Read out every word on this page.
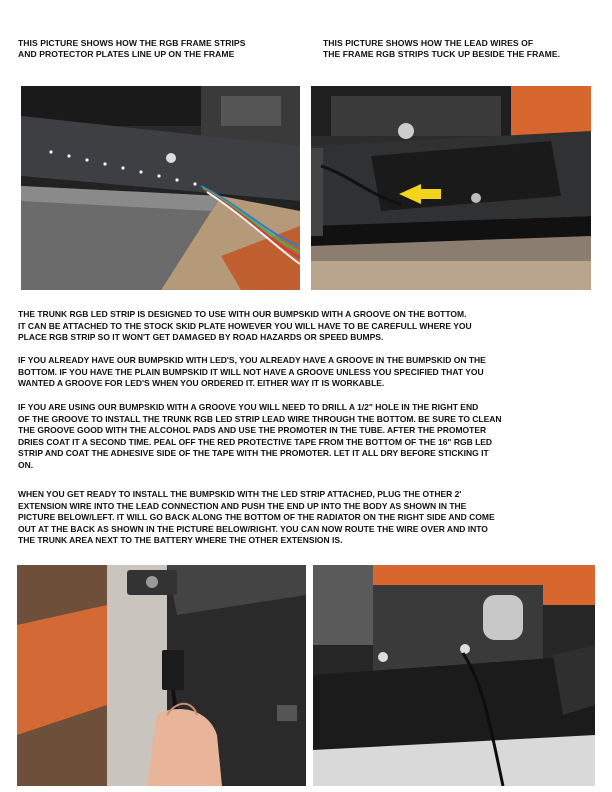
THIS PICTURE SHOWS HOW THE RGB FRAME STRIPS
AND PROTECTOR PLATES LINE UP ON THE FRAME
THIS PICTURE SHOWS HOW THE LEAD WIRES OF
THE FRAME RGB STRIPS TUCK UP BESIDE THE FRAME.
THE TRUNK RGB LED STRIP IS DESIGNED TO USE WITH OUR BUMPSKID WITH A GROOVE ON THE BOTTOM.
IT CAN BE ATTACHED TO THE STOCK SKID PLATE HOWEVER YOU WILL HAVE TO BE CAREFULL WHERE YOU
PLACE RGB STRIP SO IT WON'T GET DAMAGED BY ROAD HAZARDS OR SPEED BUMPS.
IF YOU ALREADY HAVE OUR BUMPSKID WITH LED'S, YOU ALREADY HAVE A GROOVE IN THE BUMPSKID ON THE
BOTTOM. IF YOU HAVE THE PLAIN BUMPSKID IT WILL NOT HAVE A GROOVE UNLESS YOU SPECIFIED THAT YOU
WANTED A GROOVE FOR LED'S WHEN YOU ORDERED IT. EITHER WAY IT IS WORKABLE.
IF YOU ARE USING OUR BUMPSKID WITH A GROOVE YOU WILL NEED TO DRILL A 1/2" HOLE IN THE RIGHT END
OF THE GROOVE TO INSTALL THE TRUNK RGB LED STRIP LEAD WIRE THROUGH THE BOTTOM. BE SURE TO CLEAN
THE GROOVE GOOD WITH THE ALCOHOL PADS AND USE THE PROMOTER IN THE TUBE. AFTER THE PROMOTER
DRIES COAT IT A SECOND TIME. PEAL OFF THE RED PROTECTIVE TAPE FROM THE BOTTOM OF THE 16" RGB LED
STRIP AND COAT THE ADHESIVE SIDE OF THE TAPE WITH THE PROMOTER. LET IT ALL DRY BEFORE STICKING IT
ON.
WHEN YOU GET READY TO INSTALL THE BUMPSKID WITH THE LED STRIP ATTACHED, PLUG THE OTHER 2'
EXTENSION WIRE INTO THE LEAD CONNECTION AND PUSH THE END UP INTO THE BODY AS SHOWN IN THE
PICTURE BELOW/LEFT. IT WILL GO BACK ALONG THE BOTTOM OF THE RADIATOR ON THE RIGHT SIDE AND COME
OUT AT THE BACK AS SHOWN IN THE PICTURE BELOW/RIGHT. YOU CAN NOW ROUTE THE WIRE OVER AND INTO
THE TRUNK AREA NEXT TO THE BATTERY WHERE THE OTHER EXTENSION IS.
